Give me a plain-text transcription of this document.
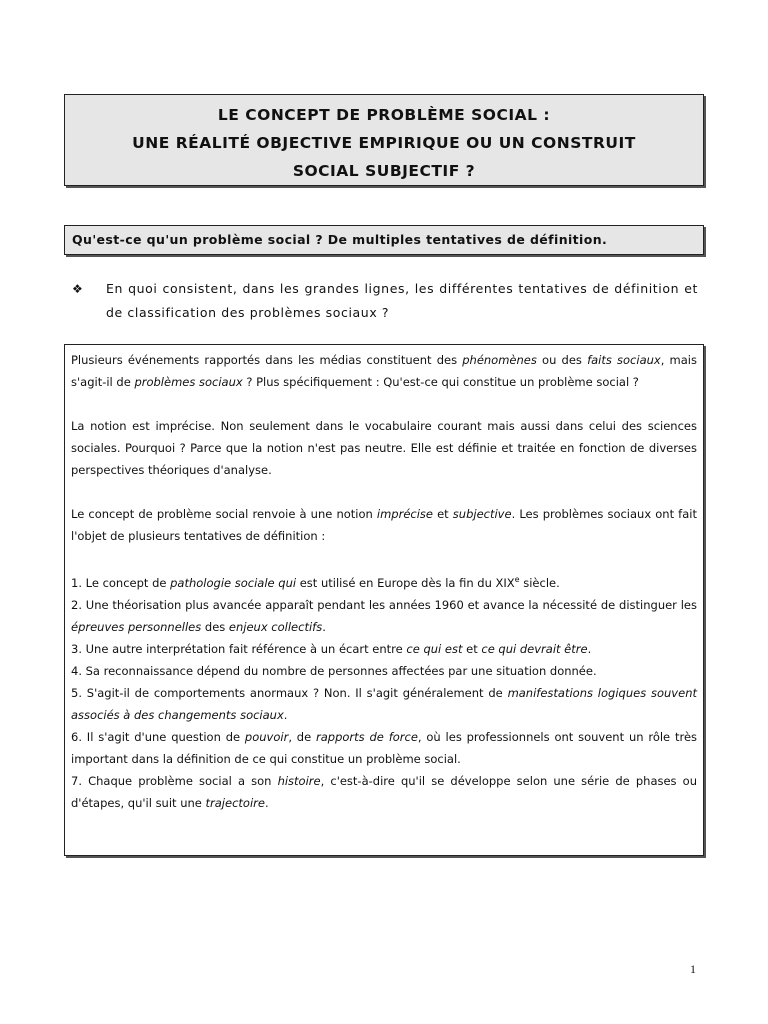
LE CONCEPT DE PROBLÈME SOCIAL :
UNE RÉALITÉ OBJECTIVE EMPIRIQUE OU UN CONSTRUIT
SOCIAL SUBJECTIF ?
Qu'est-ce qu'un problème social ? De multiples tentatives de définition.
❖ En quoi consistent, dans les grandes lignes, les différentes tentatives de définition et de classification des problèmes sociaux ?

Plusieurs événements rapportés dans les médias constituent des phénomènes ou des faits sociaux, mais s'agit-il de problèmes sociaux ? Plus spécifiquement : Qu'est-ce qui constitue un problème social ?

La notion est imprécise. Non seulement dans le vocabulaire courant mais aussi dans celui des sciences sociales. Pourquoi ? Parce que la notion n'est pas neutre. Elle est définie et traitée en fonction de diverses perspectives théoriques d'analyse.

Le concept de problème social renvoie à une notion imprécise et subjective. Les problèmes sociaux ont fait l'objet de plusieurs tentatives de définition :

1. Le concept de pathologie sociale qui est utilisé en Europe dès la fin du XIXe siècle.
2. Une théorisation plus avancée apparaît pendant les années 1960 et avance la nécessité de distinguer les épreuves personnelles des enjeux collectifs.
3. Une autre interprétation fait référence à un écart entre ce qui est et ce qui devrait être.
4. Sa reconnaissance dépend du nombre de personnes affectées par une situation donnée.
5. S'agit-il de comportements anormaux ? Non. Il s'agit généralement de manifestations logiques souvent associés à des changements sociaux.
6. Il s'agit d'une question de pouvoir, de rapports de force, où les professionnels ont souvent un rôle très important dans la définition de ce qui constitue un problème social.
7. Chaque problème social a son histoire, c'est-à-dire qu'il se développe selon une série de phases ou d'étapes, qu'il suit une trajectoire.
1
